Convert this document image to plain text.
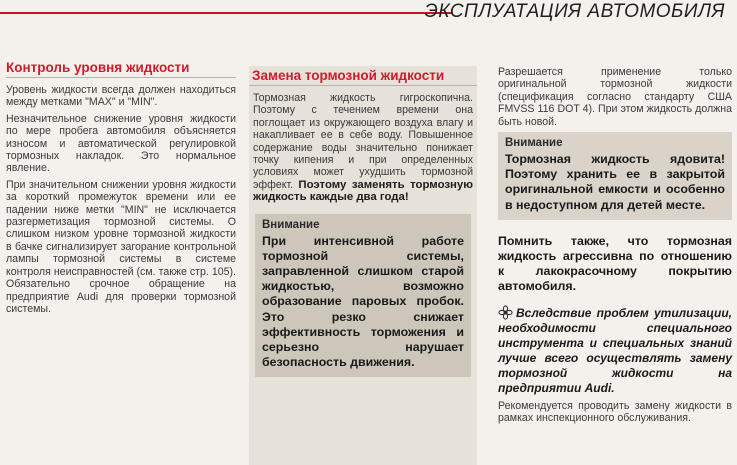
ЭКСПЛУАТАЦИЯ АВТОМОБИЛЯ
Контроль уровня жидкости

Уровень жидкости всегда должен находиться между метками "MAX" и "MIN".

Незначительное снижение уровня жидкости по мере пробега автомобиля объясняется износом и автоматической регулировкой тормозных накладок. Это нормальное явление.

При значительном снижении уровня жидкости за короткий промежуток времени или ее падении ниже метки "MIN" не исключается разгерметизация тормозной системы. О слишком низком уровне тормозной жидкости в бачке сигнализирует загорание контрольной лампы тормозной системы в системе контроля неисправностей (см. также стр. 105). Обязательно срочное обращение на предприятие Audi для проверки тормозной системы.

Замена тормозной жидкости

Тормозная жидкость гигроскопична. Поэтому с течением времени она поглощает из окружающего воздуха влагу и накапливает ее в себе воду. Повышенное содержание воды значительно понижает точку кипения и при определенных условиях может ухудшить тормозной эффект. Поэтому заменять тормозную жидкость каждые два года!

Внимание
При интенсивной работе тормозной системы, заправленной слишком старой жидкостью, возможно образование паровых пробок. Это резко снижает эффективность торможения и серьезно нарушает безопасность движения.

Разрешается применение только оригинальной тормозной жидкости (спецификация согласно стандарту США FMVSS 116 DOT 4). При этом жидкость должна быть новой.

Внимание
Тормозная жидкость ядовита! Поэтому хранить ее в закрытой оригинальной емкости и особенно в недоступном для детей месте.
Помнить также, что тормозная жидкость агрессивна по отношению к лакокрасочному покрытию автомобиля.
Вследствие проблем утилизации, необходимости специального инструмента и специальных знаний лучше всего осуществлять замену тормозной жидкости на предприятии Audi.

Рекомендуется проводить замену жидкости в рамках инспекционного обслуживания.
